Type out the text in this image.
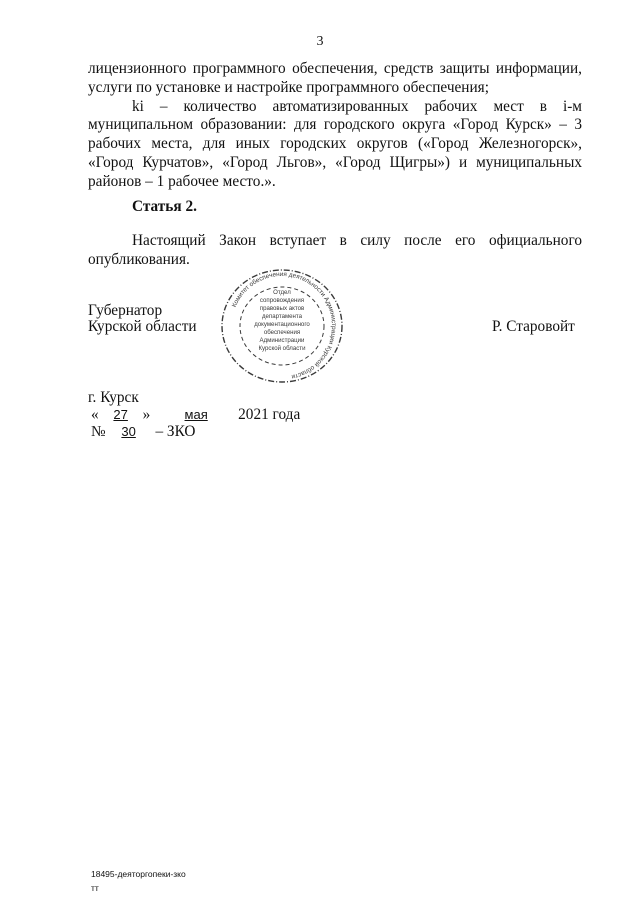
3
лицензионного программного обеспечения, средств защиты информации,
услуги по установке и настройке программного обеспечения;
ki – количество автоматизированных рабочих мест в i-м
муниципальном образовании: для городского округа «Город Курск» – 3
рабочих места, для иных городских округов («Город Железногорск»,
«Город Курчатов», «Город Льгов», «Город Щигры») и муниципальных
районов – 1 рабочее место.».
Статья 2.
Настоящий Закон вступает в силу после его официального
опубликования.
Губернатор
Курской области	Р. Старовойт
Комитет обеспечения деятельности Администрации Курской области
Отдел
сопровождения
правовых актов
департамента
документационного
обеспечения
Администрации
Курской области
г. Курск
« 27 »	мая 2021 года
№ 30 – ЗКО
18495-деяторгопеки-зко
тт
